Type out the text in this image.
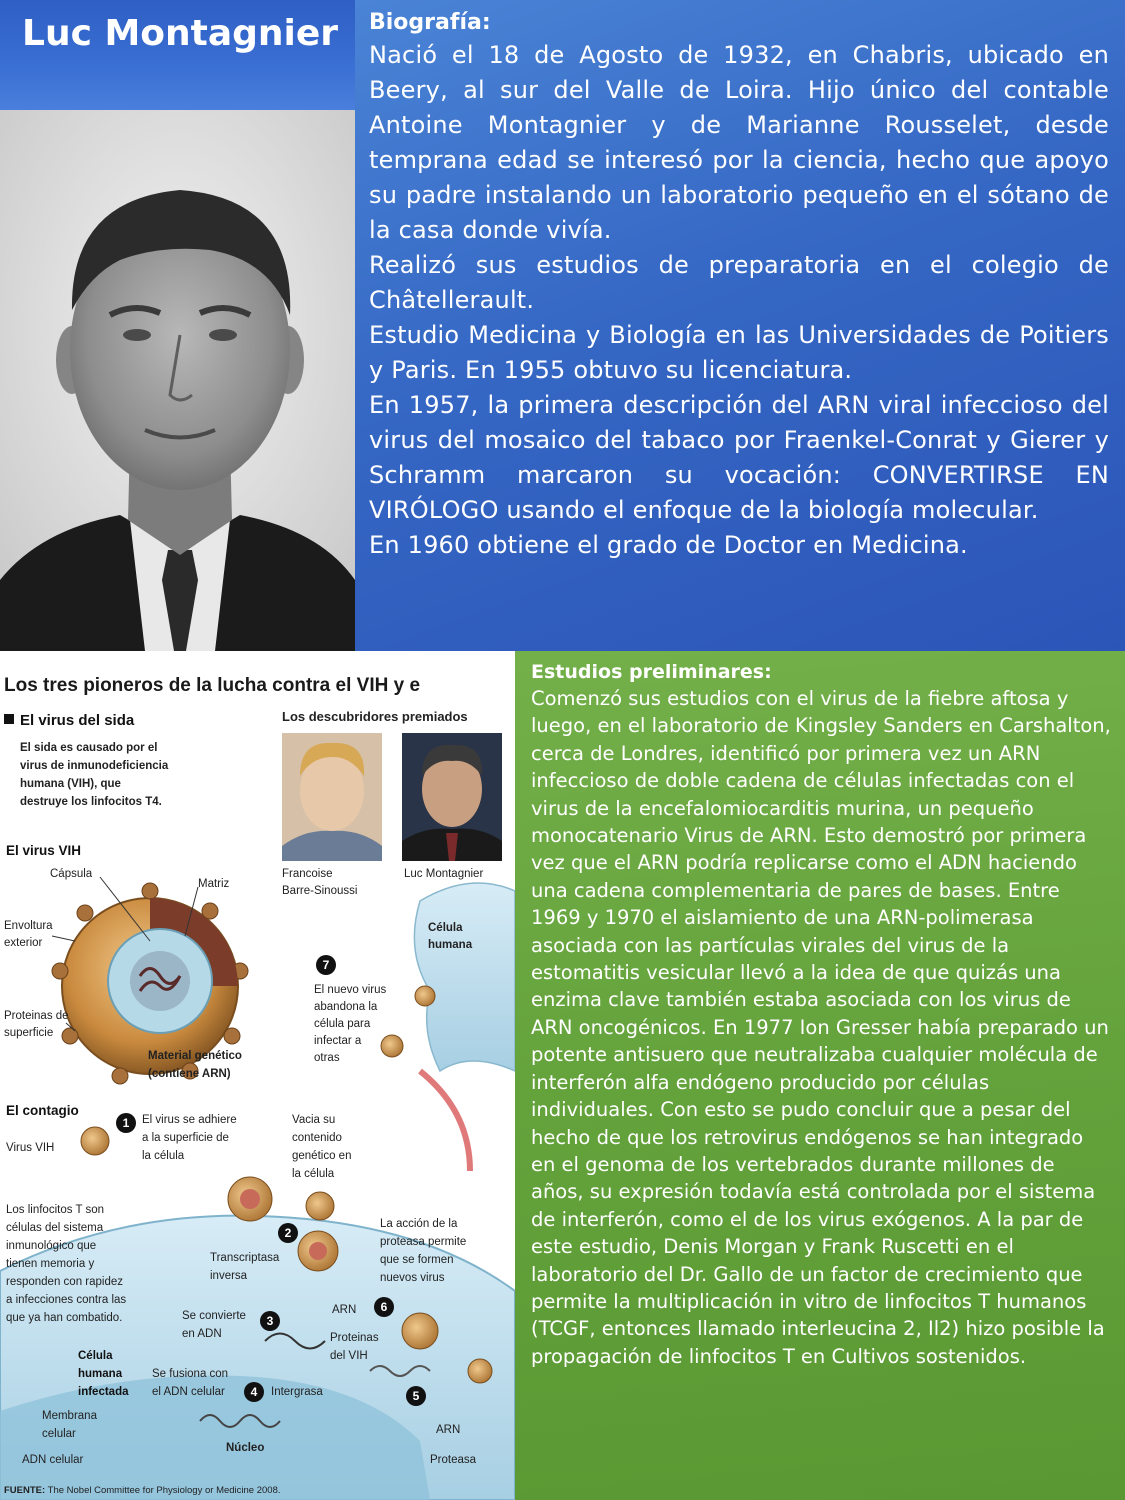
Luc Montagnier Biografía:

Nació el 18 de Agosto de 1932, en Chabris, ubicado en Beery, al sur del Valle de Loira. Hijo único del contable Antoine Montagnier y de Marianne Rousselet, desde temprana edad se interesó por la ciencia, hecho que apoyo su padre instalando un laboratorio pequeño en el sótano de la casa donde vivía.

Realizó sus estudios de preparatoria en el colegio de Châtellerault.

Estudio Medicina y Biología en las Universidades de Poitiers y Paris. En 1955 obtuvo su licenciatura.

En 1957, la primera descripción del ARN viral infeccioso del virus del mosaico del tabaco por Fraenkel-Conrat y Gierer y Schramm marcaron su vocación: CONVERTIRSE EN VIRÓLOGO usando el enfoque de la biología molecular.

En 1960 obtiene el grado de Doctor en Medicina.

Los tres pioneros de la lucha contra el VIH y e
El virus del sida
El sida es causado por el virus de inmunodeficiencia humana (VIH), que destruye los linfocitos T4.
Los descubridores premiados
Francoise Barre-Sinoussi
Luc Montagnier
El virus VIH
Cápsula
Matriz
Envoltura exterior
Proteinas de superficie
Material genético (contiene ARN)
Célula humana
7
El nuevo virus abandona la célula para infectar a otras
El contagio
Virus VIH
1 El virus se adhiere a la superficie de la célula
Vacia su contenido genético en la célula
Los linfocitos T son células del sistema inmunológico que tienen memoria y responden con rapidez a infecciones contra las que ya han combatido.
2
Transcriptasa inversa
La acción de la proteasa permite que se formen nuevos virus
3
Se convierte en ADN
ARN 6
Proteinas del VIH
Célula humana infectada
Se fusiona con el ADN celular	4 Intergrasa	5
Membrana celular
Núcleo
ARN
Proteasa
ADN celular
FUENTE: The Nobel Committee for Physiology or Medicine 2008.
Estudios preliminares:

Comenzó sus estudios con el virus de la fiebre aftosa y luego, en el laboratorio de Kingsley Sanders en Carshalton, cerca de Londres, identificó por primera vez un ARN infeccioso de doble cadena de células infectadas con el virus de la encefalomiocarditis murina, un pequeño monocatenario Virus de ARN. Esto demostró por primera vez que el ARN podría replicarse como el ADN haciendo una cadena complementaria de pares de bases. Entre 1969 y 1970 el aislamiento de una ARN-polimerasa asociada con las partículas virales del virus de la estomatitis vesicular llevó a la idea de que quizás una enzima clave también estaba asociada con los virus de ARN oncogénicos. En 1977 Ion Gresser había preparado un potente antisuero que neutralizaba cualquier molécula de interferón alfa endógeno producido por células individuales. Con esto se pudo concluir que a pesar del hecho de que los retrovirus endógenos se han integrado en el genoma de los vertebrados durante millones de años, su expresión todavía está controlada por el sistema de interferón, como el de los virus exógenos. A la par de este estudio, Denis Morgan y Frank Ruscetti en el laboratorio del Dr. Gallo de un factor de crecimiento que permite la multiplicación in vitro de linfocitos T humanos (TCGF, entonces llamado interleucina 2, Il2) hizo posible la propagación de linfocitos T en Cultivos sostenidos.
